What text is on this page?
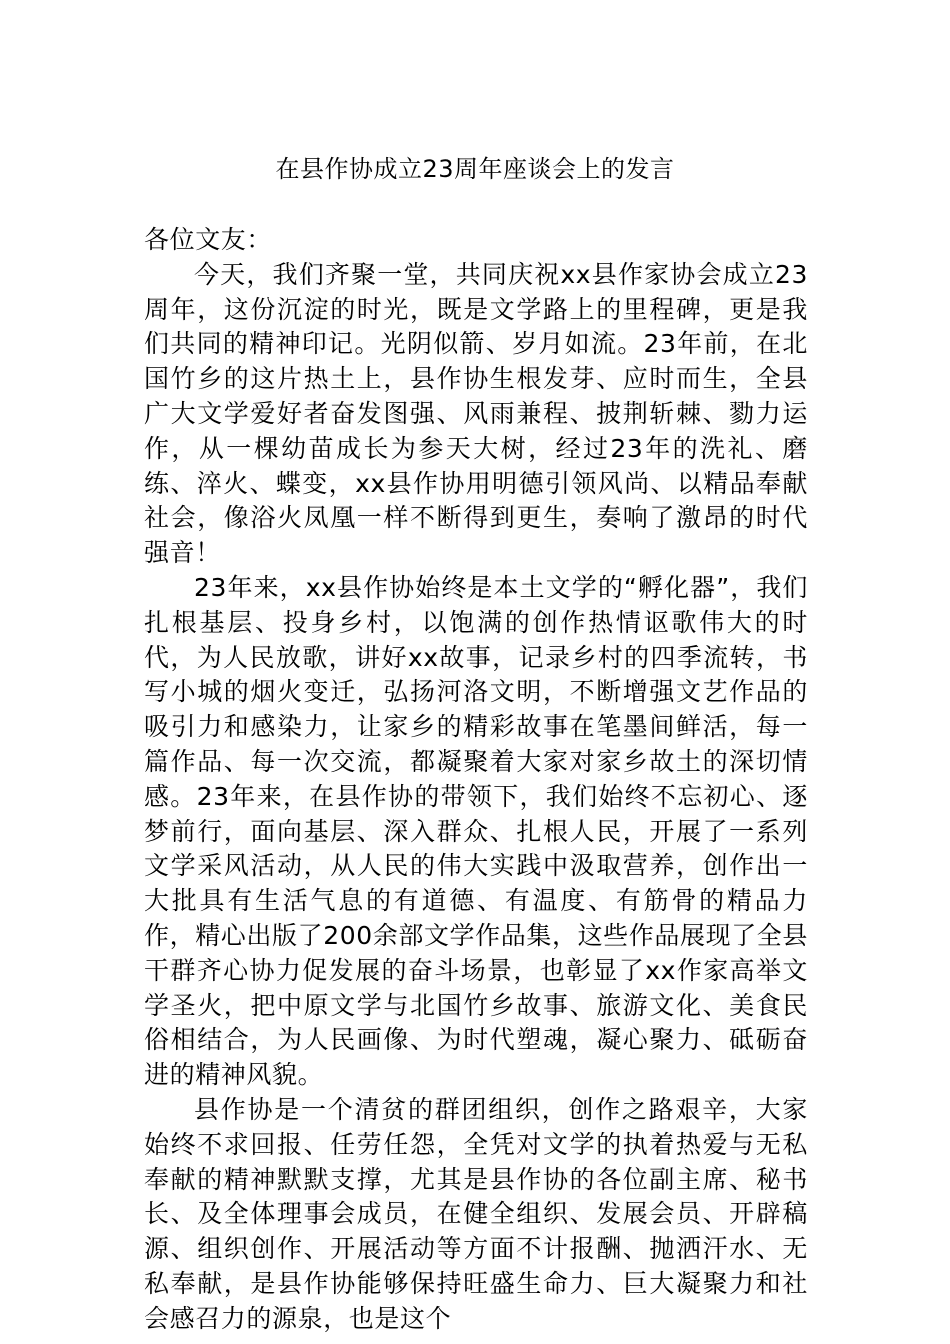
在县作协成立23周年座谈会上的发言

各位文友：

今天，我们齐聚一堂，共同庆祝xx县作家协会成立23周年，这份沉淀的时光，既是文学路上的里程碑，更是我们共同的精神印记。光阴似箭、岁月如流。23年前，在北国竹乡的这片热土上，县作协生根发芽、应时而生，全县广大文学爱好者奋发图强、风雨兼程、披荆斩棘、勠力运作，从一棵幼苗成长为参天大树，经过23年的洗礼、磨练、淬火、蝶变，xx县作协用明德引领风尚、以精品奉献社会，像浴火凤凰一样不断得到更生，奏响了激昂的时代强音！

23年来，xx县作协始终是本土文学的“孵化器”，我们扎根基层、投身乡村，以饱满的创作热情讴歌伟大的时代，为人民放歌，讲好xx故事，记录乡村的四季流转，书写小城的烟火变迁，弘扬河洛文明，不断增强文艺作品的吸引力和感染力，让家乡的精彩故事在笔墨间鲜活，每一篇作品、每一次交流，都凝聚着大家对家乡故土的深切情感。23年来，在县作协的带领下，我们始终不忘初心、逐梦前行，面向基层、深入群众、扎根人民，开展了一系列文学采风活动，从人民的伟大实践中汲取营养，创作出一大批具有生活气息的有道德、有温度、有筋骨的精品力作，精心出版了200余部文学作品集，这些作品展现了全县干群齐心协力促发展的奋斗场景，也彰显了xx作家高举文学圣火，把中原文学与北国竹乡故事、旅游文化、美食民俗相结合，为人民画像、为时代塑魂，凝心聚力、砥砺奋进的精神风貌。

县作协是一个清贫的群团组织，创作之路艰辛，大家始终不求回报、任劳任怨，全凭对文学的执着热爱与无私奉献的精神默默支撑，尤其是县作协的各位副主席、秘书长、及全体理事会成员，在健全组织、发展会员、开辟稿源、组织创作、开展活动等方面不计报酬、抛洒汗水、无私奉献，是县作协能够保持旺盛生命力、巨大凝聚力和社会感召力的源泉，也是这个
